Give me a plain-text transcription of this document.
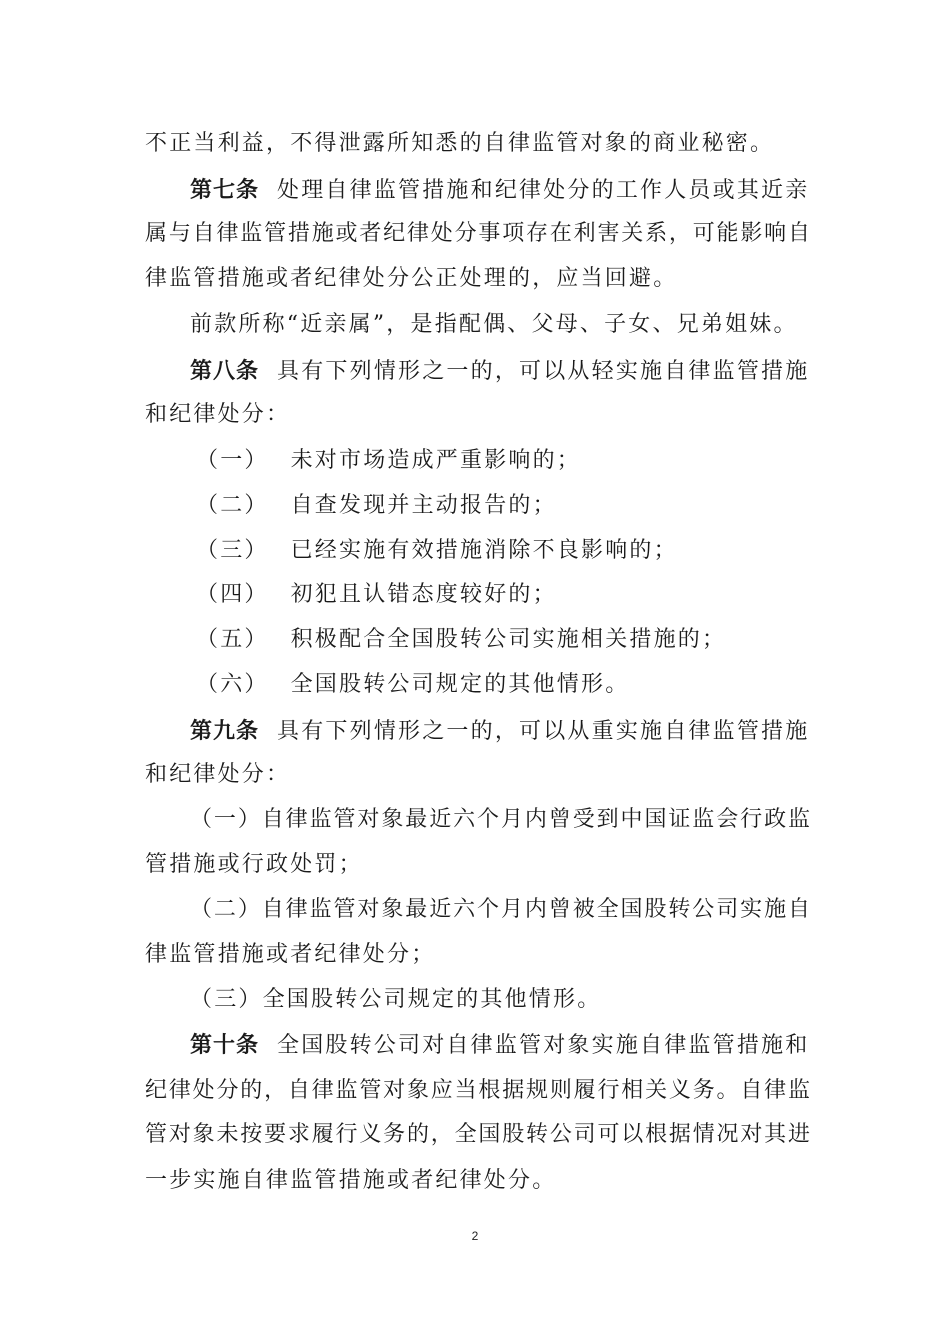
不正当利益，不得泄露所知悉的自律监管对象的商业秘密。
第七条 处理自律监管措施和纪律处分的工作人员或其近亲
属与自律监管措施或者纪律处分事项存在利害关系，可能影响自
律监管措施或者纪律处分公正处理的，应当回避。
前款所称“近亲属”，是指配偶、父母、子女、兄弟姐妹。
第八条 具有下列情形之一的，可以从轻实施自律监管措施
和纪律处分：
（一） 未对市场造成严重影响的；
（二） 自查发现并主动报告的；
（三） 已经实施有效措施消除不良影响的；
（四） 初犯且认错态度较好的；
（五） 积极配合全国股转公司实施相关措施的；
（六） 全国股转公司规定的其他情形。
第九条 具有下列情形之一的，可以从重实施自律监管措施
和纪律处分：
（一）自律监管对象最近六个月内曾受到中国证监会行政监
管措施或行政处罚；
（二）自律监管对象最近六个月内曾被全国股转公司实施自
律监管措施或者纪律处分；
（三）全国股转公司规定的其他情形。
第十条 全国股转公司对自律监管对象实施自律监管措施和
纪律处分的，自律监管对象应当根据规则履行相关义务。自律监
管对象未按要求履行义务的，全国股转公司可以根据情况对其进
一步实施自律监管措施或者纪律处分。
2
